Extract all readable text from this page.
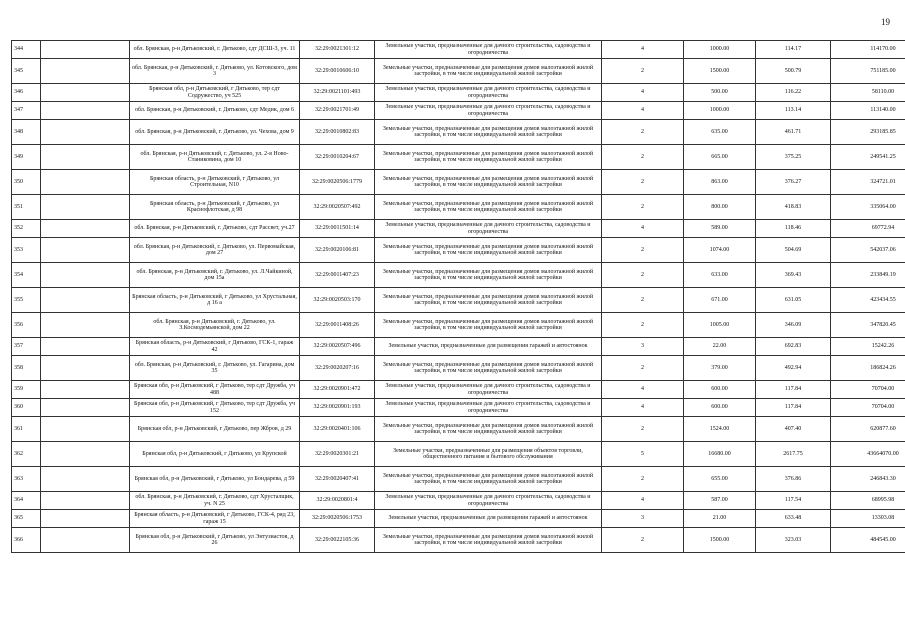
19
344		обл. Брянская, р-н Дятьковский, г. Дятьково, сдт ДСШ-3, уч. 11	32:29:0021301:12	Земельные участки, предназначенные для дачного строительства, садоводства и огородничества	4	1000.00	114.17	114170.00
345		обл. Брянская, р-н Дятьковский, г. Дятьково, ул. Котовского, дом 3	32:29:0010606:10	Земельные участки, предназначенные для размещения домов малоэтажной жилой застройки, в том числе индивидуальной жилой застройки	2	1500.00	500.79	751185.00
346		Брянская обл, р-н Дятьковский, г Дятьково, тер сдт Содружество, уч 525	32:29:0021101:493	Земельные участки, предназначенные для дачного строительства, садоводства и огородничества	4	500.00	116.22	58110.00
347		обл. Брянская, р-н Дятьковский, г. Дятьково, сдт Медик, дом 6	32:29:0021701:49	Земельные участки, предназначенные для дачного строительства, садоводства и огородничества	4	1000.00	113.14	113140.00
348		обл. Брянская, р-н Дятьковский, г. Дятьково, ул. Чехова, дом 9	32:29:0010802:83	Земельные участки, предназначенные для размещения домов малоэтажной жилой застройки, в том числе индивидуальной жилой застройки	2	635.00	461.71	293185.85
349		обл. Брянская, р-н Дятьковский, г. Дятьково, ул. 2-я Ново-Станиковина, дом 10	32:29:0010204:67	Земельные участки, предназначенные для размещения домов малоэтажной жилой застройки, в том числе индивидуальной жилой застройки	2	665.00	375.25	249541.25
350		Брянская область, р-н Дятьковский, г Дятьково, ул Строительная, N10	32:29:0020506:1779	Земельные участки, предназначенные для размещения домов малоэтажной жилой застройки, в том числе индивидуальной жилой застройки	2	863.00	376.27	324721.01
351		Брянская область, р-н Дятьковский, г Дятьково, ул Краснофлотская, д 98	32:29:0020507:492	Земельные участки, предназначенные для размещения домов малоэтажной жилой застройки, в том числе индивидуальной жилой застройки	2	800.00	418.83	335064.00
352		обл. Брянская, р-н Дятьковский, г. Дятьково, сдт Рассвет, уч.27	32:29:0011501:14	Земельные участки, предназначенные для дачного строительства, садоводства и огородничества	4	589.00	118.46	69772.94
353		обл. Брянская, р-н Дятьковский, г. Дятьково, ул. Первомайская, дом 27	32:29:0020106:81	Земельные участки, предназначенные для размещения домов малоэтажной жилой застройки, в том числе индивидуальной жилой застройки	2	1074.00	504.69	542037.06
354		обл. Брянская, р-н Дятьковский, г. Дятьково, ул. Л.Чайкиной, дом 15а	32:29:0011407:23	Земельные участки, предназначенные для размещения домов малоэтажной жилой застройки, в том числе индивидуальной жилой застройки	2	633.00	369.43	233849.19
355		Брянская область, р-н Дятьковский, г Дятьково, ул Хрустальная, д 16 а	32:29:0020503:170	Земельные участки, предназначенные для размещения домов малоэтажной жилой застройки, в том числе индивидуальной жилой застройки	2	671.00	631.05	423434.55
356		обл. Брянская, р-н Дятьковский, г. Дятьково, ул. З.Космодемьянской, дом 22	32:29:0011408:26	Земельные участки, предназначенные для размещения домов малоэтажной жилой застройки, в том числе индивидуальной жилой застройки	2	1005.00	346.09	347820.45
357		Брянская область, р-н Дятьковский, г Дятьково, ГСК-1, гараж 42	32:29:0020507:496	Земельные участки, предназначенные для размещения гаражей и автостоянок	3	22.00	692.83	15242.26
358		обл. Брянская, р-н Дятьковский, г. Дятьково, ул. Гагарина, дом 35	32:29:0020207:16	Земельные участки, предназначенные для размещения домов малоэтажной жилой застройки, в том числе индивидуальной жилой застройки	2	379.00	492.94	186824.26
359		Брянская обл, р-н Дятьковский, г Дятьково, тер сдт Дружба, уч 488	32:29:0020901:472	Земельные участки, предназначенные для дачного строительства, садоводства и огородничества	4	600.00	117.84	70704.00
360		Брянская обл, р-н Дятьковский, г Дятьково, тер сдт Дружба, уч 152	32:29:0020901:193	Земельные участки, предназначенные для дачного строительства, садоводства и огородничества	4	600.00	117.84	70704.00
361		Брянская обл, р-н Дятьковский, г Дятьково, пер Жбров, д 29	32:29:0020401:106	Земельные участки, предназначенные для размещения домов малоэтажной жилой застройки, в том числе индивидуальной жилой застройки	2	1524.00	407.40	620877.60
362		Брянская обл, р-н Дятьковский, г Дятьково, ул Крупской	32:29:0020301:21	Земельные участки, предназначенные для размещения объектов торговли, общественного питания и бытового обслуживания	5	16680.00	2617.75	43664070.00
363		Брянская обл, р-н Дятьковский, г Дятьково, ул Бондарева, д 59	32:29:0020407:41	Земельные участки, предназначенные для размещения домов малоэтажной жилой застройки, в том числе индивидуальной жилой застройки	2	655.00	376.86	246843.30
364		обл. Брянская, р-н Дятьковский, г. Дятьково, сдт Хрусталщик, уч. N 25	32:29:0020801:4	Земельные участки, предназначенные для дачного строительства, садоводства и огородничества	4	587.00	117.54	68995.98
365		Брянская область, р-н Дятьковский, г Дятьково, ГСК-4, ряд 23, гараж 15	32:29:0020506:1753	Земельные участки, предназначенные для размещения гаражей и автостоянок	3	21.00	633.48	13303.08
366		Брянская обл, р-н Дятьковский, г Дятьково, ул Энтузиастов, д 26	32:29:0022105:36	Земельные участки, предназначенные для размещения домов малоэтажной жилой застройки, в том числе индивидуальной жилой застройки	2	1500.00	323.03	484545.00
